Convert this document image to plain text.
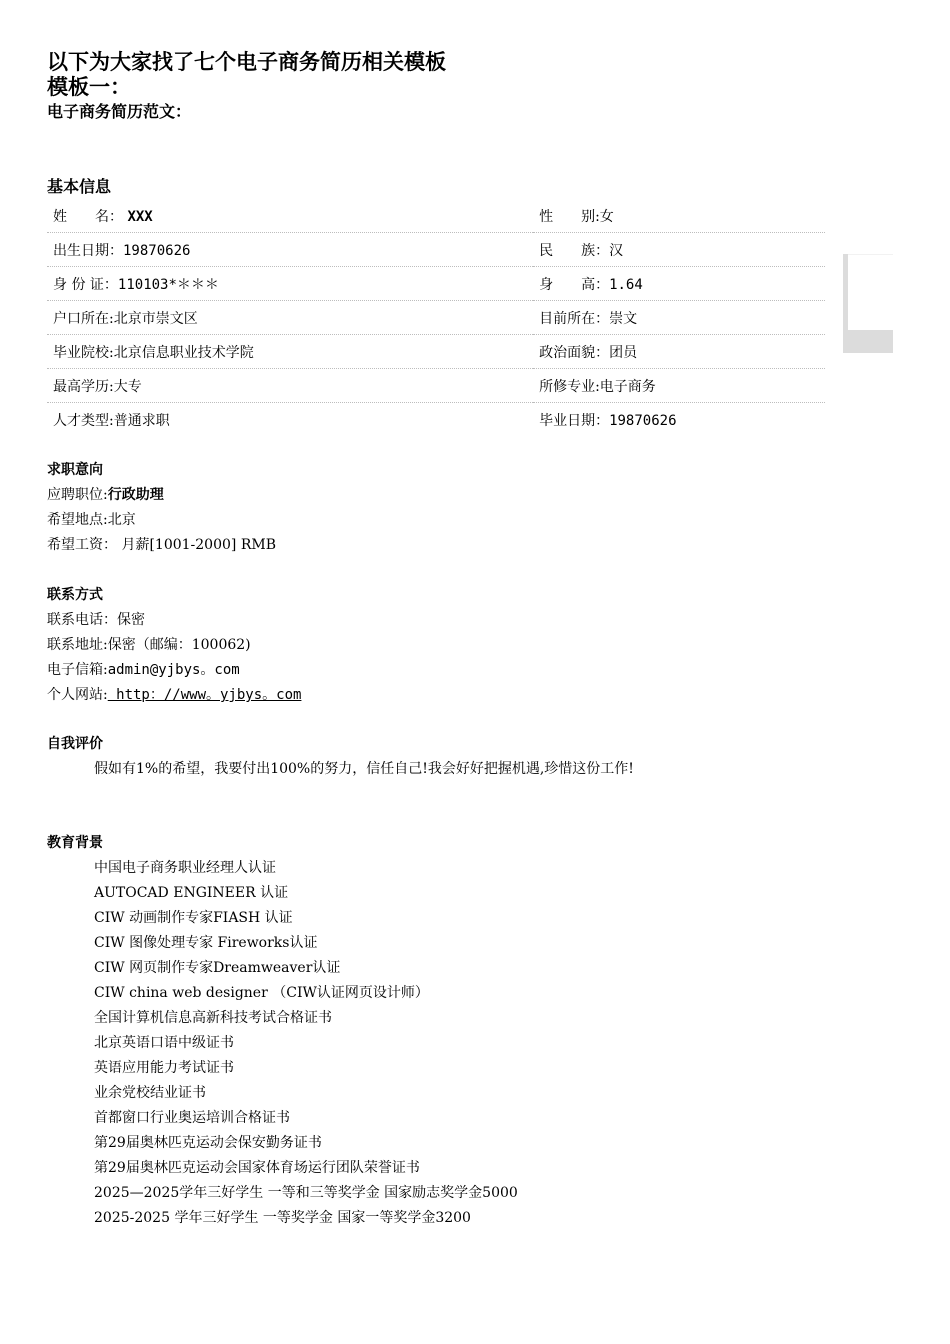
以下为大家找了七个电子商务简历相关模板
模板一：
电子商务简历范文：
基本信息
姓　　名： XXX	性　　别:女
出生日期：19870626	民　　族：汉
身 份 证：110103*＊＊＊	身　　高：1.64
户口所在:北京市崇文区	目前所在：崇文
毕业院校:北京信息职业技术学院	政治面貌：团员
最高学历:大专	所修专业:电子商务
人才类型:普通求职	毕业日期：19870626
求职意向
应聘职位:行政助理
希望地点:北京
希望工资： 月薪[1001-2000] RMB
联系方式
联系电话：保密
联系地址:保密（邮编：100062)
电子信箱:admin@yjbys。com
个人网站: http：//www。yjbys。com
自我评价
假如有1%的希望，我要付出100%的努力，信任自己!我会好好把握机遇,珍惜这份工作!
教育背景
中国电子商务职业经理人认证
AUTOCAD ENGINEER 认证
CIW 动画制作专家FIASH 认证
CIW 图像处理专家 Fireworks认证
CIW 网页制作专家Dreamweaver认证
CIW china web designer （CIW认证网页设计师）
全国计算机信息高新科技考试合格证书
北京英语口语中级证书
英语应用能力考试证书
业余党校结业证书
首都窗口行业奥运培训合格证书
第29届奥林匹克运动会保安勤务证书
第29届奥林匹克运动会国家体育场运行团队荣誉证书
2025—2025学年三好学生 一等和三等奖学金 国家励志奖学金5000
2025-2025 学年三好学生 一等奖学金 国家一等奖学金3200
